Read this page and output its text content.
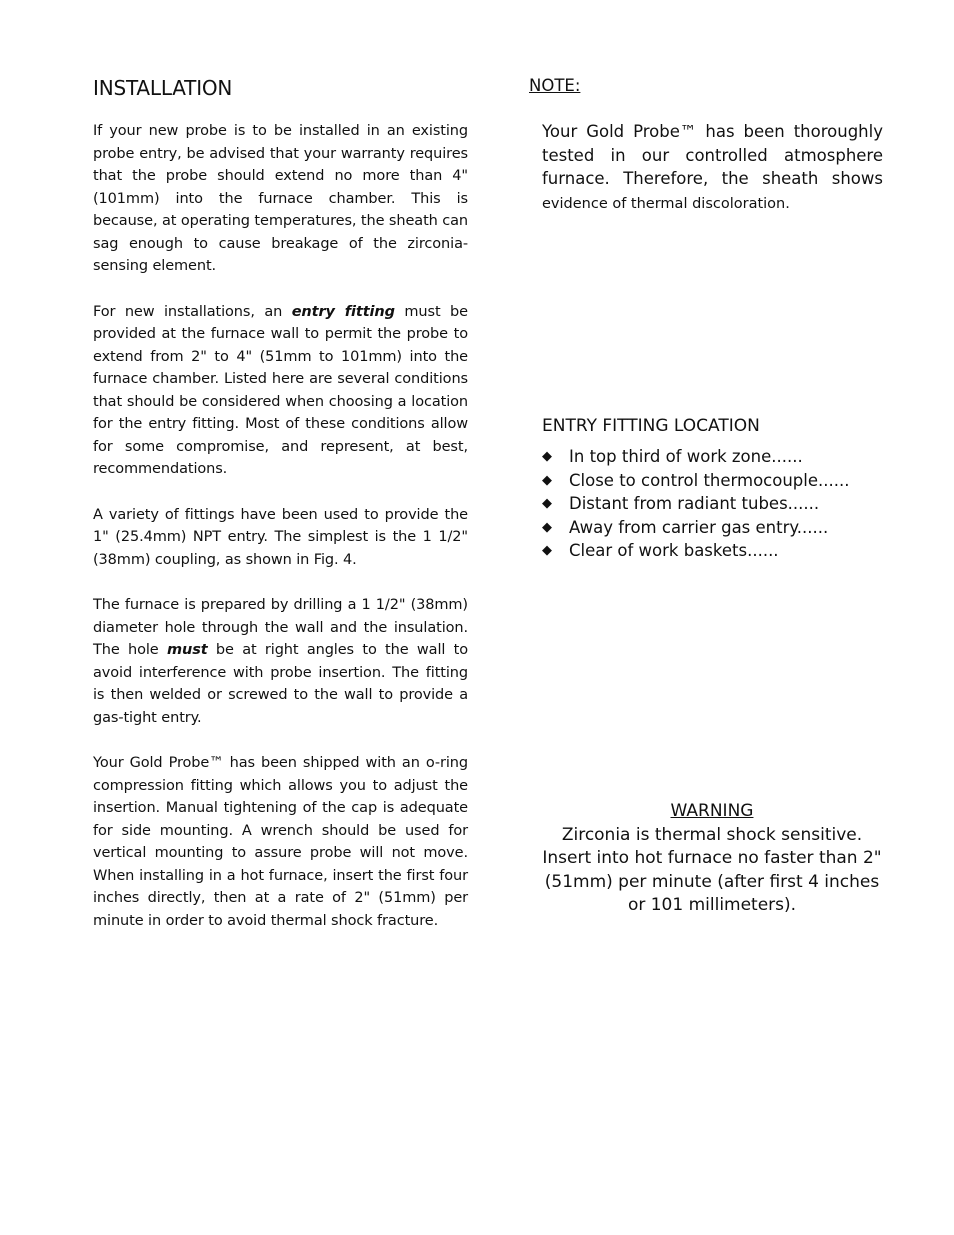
INSTALLATION

If your new probe is to be installed in an existing probe entry, be advised that your warranty requires that the probe should extend no more than 4" (101mm) into the furnace chamber. This is because, at operating temperatures, the sheath can sag enough to cause breakage of the zirconia-sensing element.

For new installations, an entry fitting must be provided at the furnace wall to permit the probe to extend from 2" to 4" (51mm to 101mm) into the furnace chamber. Listed here are several conditions that should be considered when choosing a location for the entry fitting. Most of these conditions allow for some compromise, and represent, at best, recommendations.

A variety of fittings have been used to provide the 1" (25.4mm) NPT entry. The simplest is the 1 1/2" (38mm) coupling, as shown in Fig. 4.

The furnace is prepared by drilling a 1 1/2" (38mm) diameter hole through the wall and the insulation. The hole must be at right angles to the wall to avoid interference with probe insertion. The fitting is then welded or screwed to the wall to provide a gas-tight entry.

Your Gold Probe™ has been shipped with an o-ring compression fitting which allows you to adjust the insertion. Manual tightening of the cap is adequate for side mounting. A wrench should be used for vertical mounting to assure probe will not move. When installing in a hot furnace, insert the first four inches directly, then at a rate of 2" (51mm) per minute in order to avoid thermal shock fracture.

NOTE:

Your Gold Probe™ has been thoroughly tested in our controlled atmosphere furnace. Therefore, the sheath shows evidence of thermal discoloration.

ENTRY FITTING LOCATION

◆	In top third of work zone......
◆	Close to control thermocouple......
◆	Distant from radiant tubes......
◆	Away from carrier gas entry......
◆	Clear of work baskets......
WARNING
Zirconia is thermal shock sensitive. Insert into hot furnace no faster than 2" (51mm) per minute (after first 4 inches or 101 millimeters).
